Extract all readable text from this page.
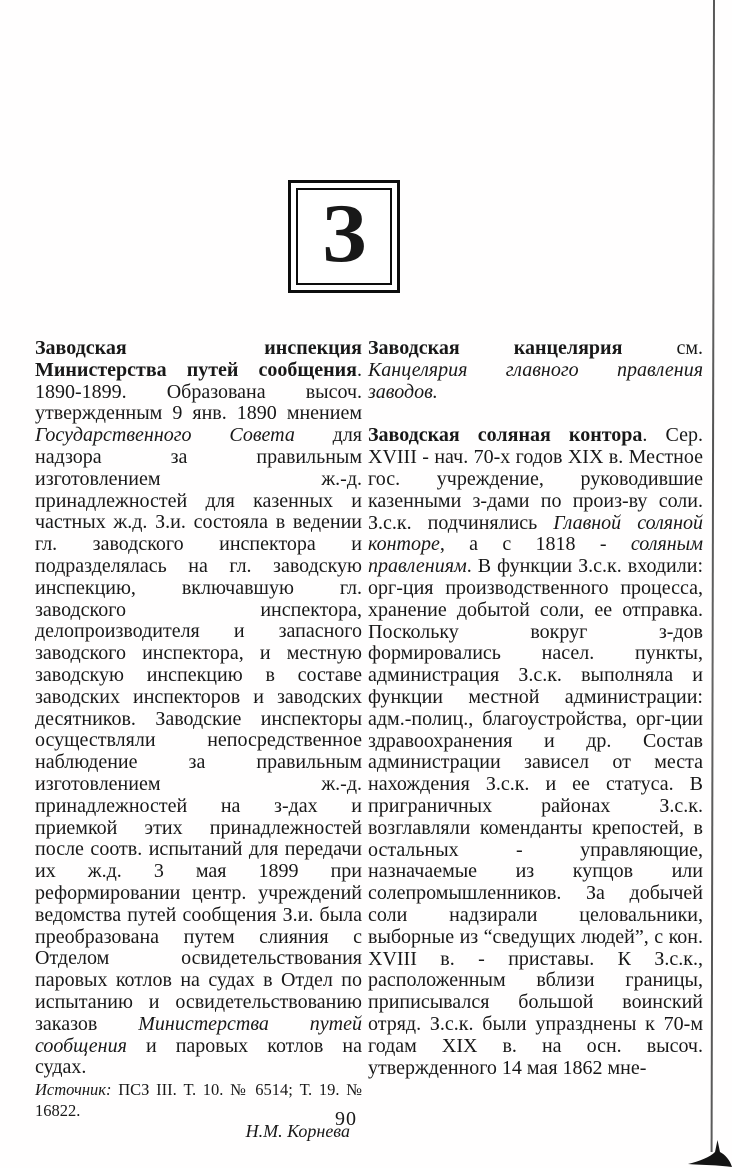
З

Заводская инспекция Министерства путей сообщения. 1890-1899. Образована высоч. утвержденным 9 янв. 1890 мнением Государственного Совета для надзора за правильным изготовлением ж.-д. принадлежностей для казенных и частных ж.д. З.и. состояла в ведении гл. заводского инспектора и подразделялась на гл. заводскую инспекцию, включавшую гл. заводского инспектора, делопроизводителя и запасного заводского инспектора, и местную заводскую инспекцию в составе заводских инспекторов и заводских десятников. Заводские инспекторы осуществляли непосредственное наблюдение за правильным изготовлением ж.-д. принадлежностей на з-дах и приемкой этих принадлежностей после соотв. испытаний для передачи их ж.д. 3 мая 1899 при реформировании центр. учреждений ведомства путей сообщения З.и. была преобразована путем слияния с Отделом освидетельствования паровых котлов на судах в Отдел по испытанию и освидетельствованию заказов Министерства путей сообщения и паровых котлов на судах.

Источник: ПСЗ III. Т. 10. № 6514; Т. 19. № 16822.

Н.М. Корнева

Заводская канцелярия см. Канцелярия главного правления заводов.

Заводская соляная контора. Сер. XVIII - нач. 70-х годов XIX в. Местное гос. учреждение, руководившие казенными з-дами по произ-ву соли. З.с.к. подчинялись Главной соляной конторе, а с 1818 - соляным правлениям. В функции З.с.к. входили: орг-ция производственного процесса, хранение добытой соли, ее отправка. Поскольку вокруг з-дов формировались насел. пункты, администрация З.с.к. выполняла и функции местной администрации: адм.-полиц., благоустройства, орг-ции здравоохранения и др. Состав администрации зависел от места нахождения З.с.к. и ее статуса. В приграничных районах З.с.к. возглавляли коменданты крепостей, в остальных - управляющие, назначаемые из купцов или солепромышленников. За добычей соли надзирали целовальники, выборные из “сведущих людей”, с кон. XVIII в. - приставы. К З.с.к., расположенным вблизи границы, приписывался большой воинский отряд. З.с.к. были упразднены к 70-м годам XIX в. на осн. высоч. утвержденного 14 мая 1862 мне-

90
